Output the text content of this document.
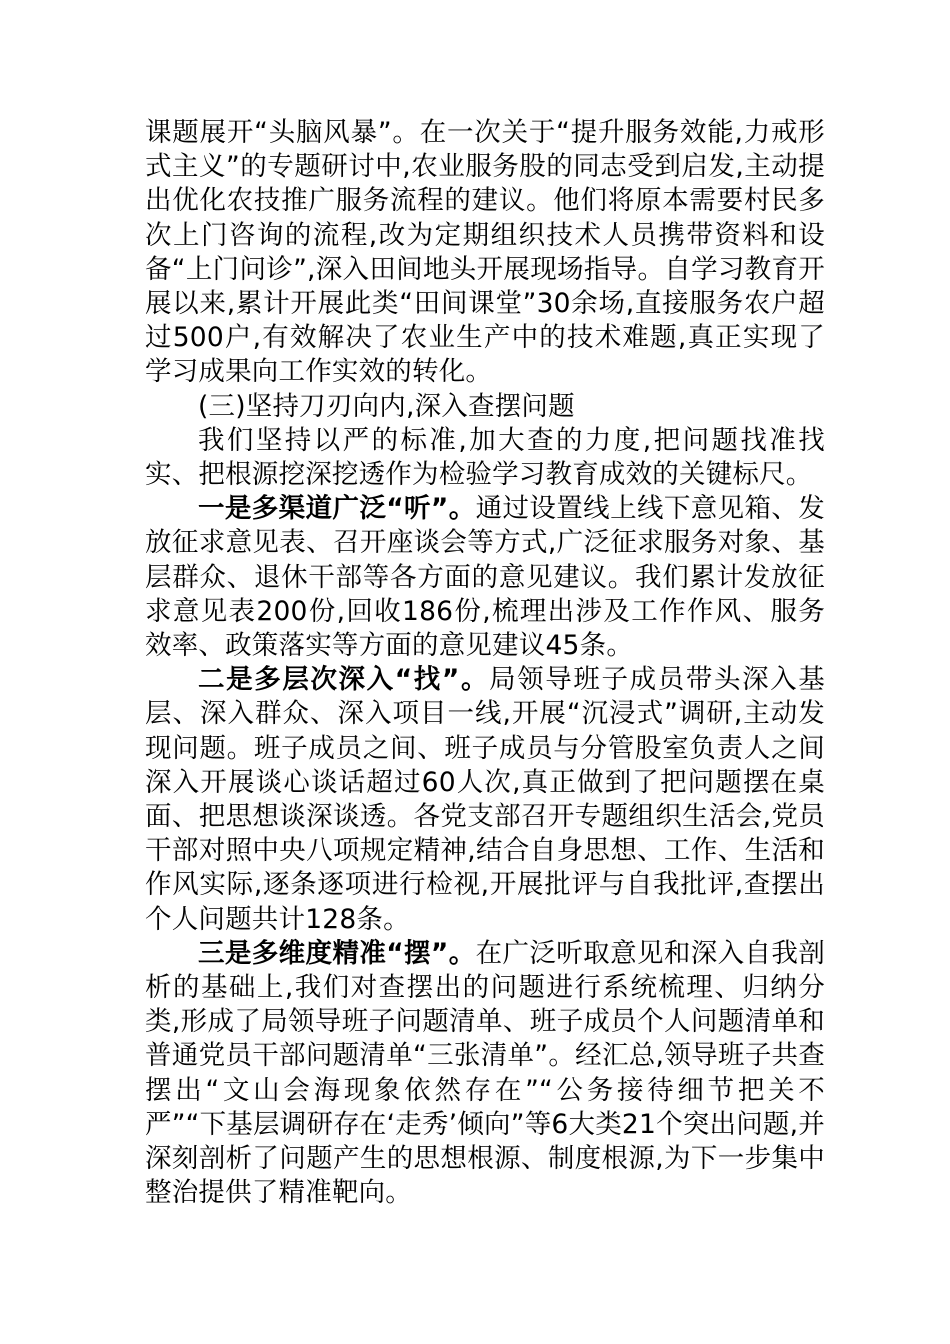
课题展开“头脑风暴”。在一次关于“提升服务效能,力戒形式主义”的专题研讨中,农业服务股的同志受到启发,主动提出优化农技推广服务流程的建议。他们将原本需要村民多次上门咨询的流程,改为定期组织技术人员携带资料和设备“上门问诊”,深入田间地头开展现场指导。自学习教育开展以来,累计开展此类“田间课堂”30余场,直接服务农户超过500户,有效解决了农业生产中的技术难题,真正实现了学习成果向工作实效的转化。

(三)坚持刀刃向内,深入查摆问题

我们坚持以严的标准,加大查的力度,把问题找准找实、把根源挖深挖透作为检验学习教育成效的关键标尺。

一是多渠道广泛“听”。通过设置线上线下意见箱、发放征求意见表、召开座谈会等方式,广泛征求服务对象、基层群众、退休干部等各方面的意见建议。我们累计发放征求意见表200份,回收186份,梳理出涉及工作作风、服务效率、政策落实等方面的意见建议45条。

二是多层次深入“找”。局领导班子成员带头深入基层、深入群众、深入项目一线,开展“沉浸式”调研,主动发现问题。班子成员之间、班子成员与分管股室负责人之间深入开展谈心谈话超过60人次,真正做到了把问题摆在桌面、把思想谈深谈透。各党支部召开专题组织生活会,党员干部对照中央八项规定精神,结合自身思想、工作、生活和作风实际,逐条逐项进行检视,开展批评与自我批评,查摆出个人问题共计128条。

三是多维度精准“摆”。在广泛听取意见和深入自我剖析的基础上,我们对查摆出的问题进行系统梳理、归纳分类,形成了局领导班子问题清单、班子成员个人问题清单和普通党员干部问题清单“三张清单”。经汇总,领导班子共查摆出“文山会海现象依然存在”“公务接待细节把关不严”“下基层调研存在‘走秀’倾向”等6大类21个突出问题,并深刻剖析了问题产生的思想根源、制度根源,为下一步集中整治提供了精准靶向。
